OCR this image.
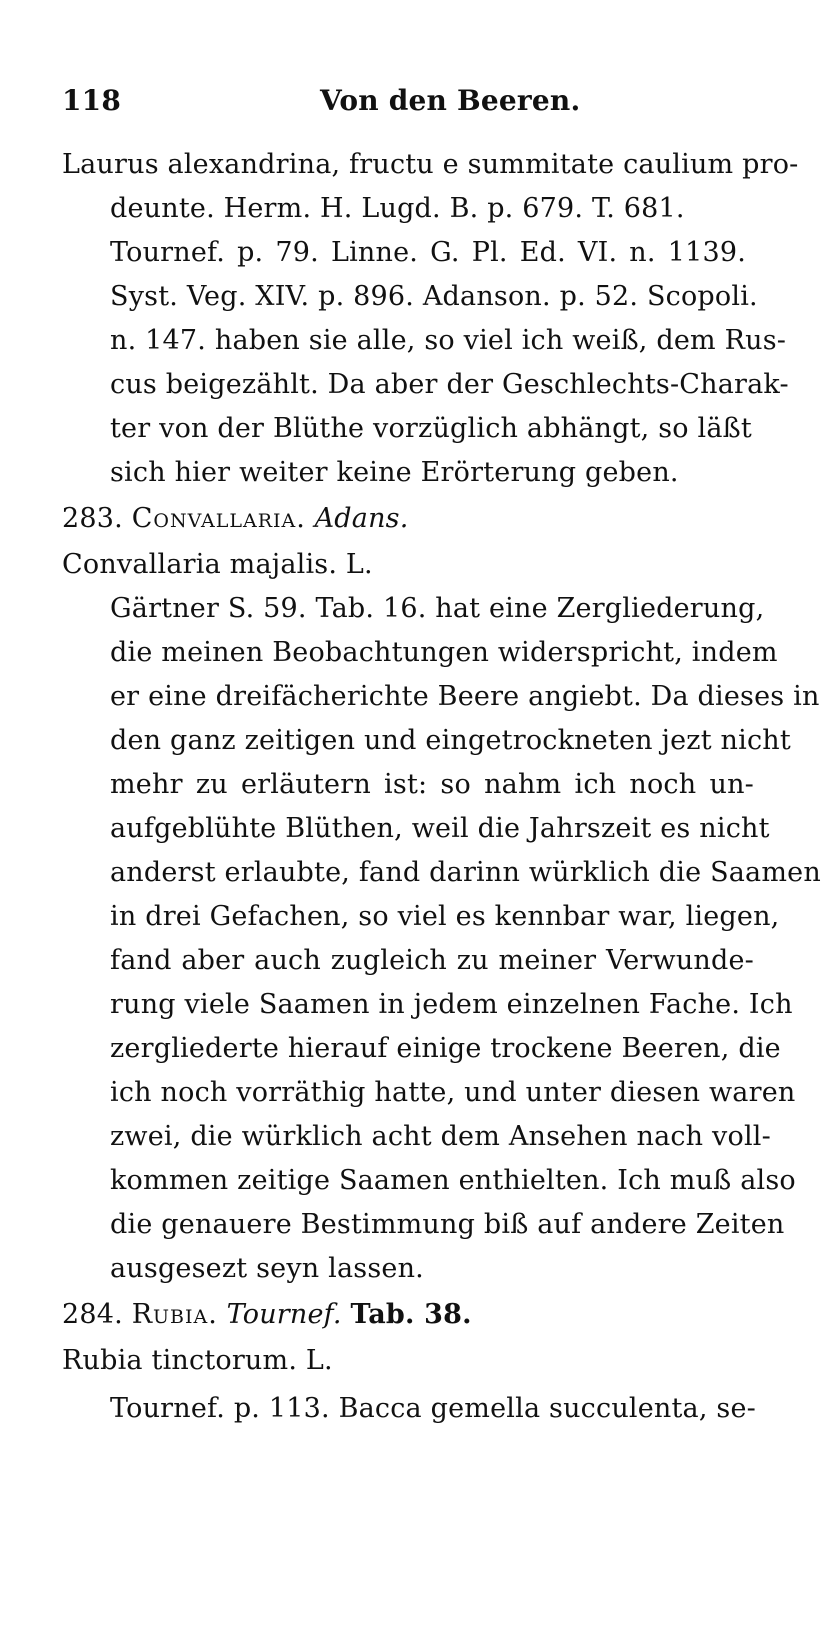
118	Von den Beeren.
Laurus alexandrina, fructu e summitate caulium pro-
deunte. Herm. H. Lugd. B. p. 679. T. 681.
Tournef. p. 79. Linne. G. Pl. Ed. VI. n. 1139.
Syst. Veg. XIV. p. 896. Adanson. p. 52. Scopoli.
n. 147. haben sie alle, so viel ich weiß, dem Rus-
cus beigezählt. Da aber der Geschlechts-Charak-
ter von der Blüthe vorzüglich abhängt, so läßt
sich hier weiter keine Erörterung geben.
283. Convallaria. Adans.
Convallaria majalis. L.
Gärtner S. 59. Tab. 16. hat eine Zergliederung,
die meinen Beobachtungen widerspricht, indem
er eine dreifächerichte Beere angiebt. Da dieses in
den ganz zeitigen und eingetrockneten jezt nicht
mehr zu erläutern ist: so nahm ich noch un-
aufgeblühte Blüthen, weil die Jahrszeit es nicht
anderst erlaubte, fand darinn würklich die Saamen
in drei Gefachen, so viel es kennbar war, liegen,
fand aber auch zugleich zu meiner Verwunde-
rung viele Saamen in jedem einzelnen Fache. Ich
zergliederte hierauf einige trockene Beeren, die
ich noch vorräthig hatte, und unter diesen waren
zwei, die würklich acht dem Ansehen nach voll-
kommen zeitige Saamen enthielten. Ich muß also
die genauere Bestimmung biß auf andere Zeiten
ausgesezt seyn lassen.
284. Rubia. Tournef. Tab. 38.
Rubia tinctorum. L.
Tournef. p. 113. Bacca gemella succulenta, se-
